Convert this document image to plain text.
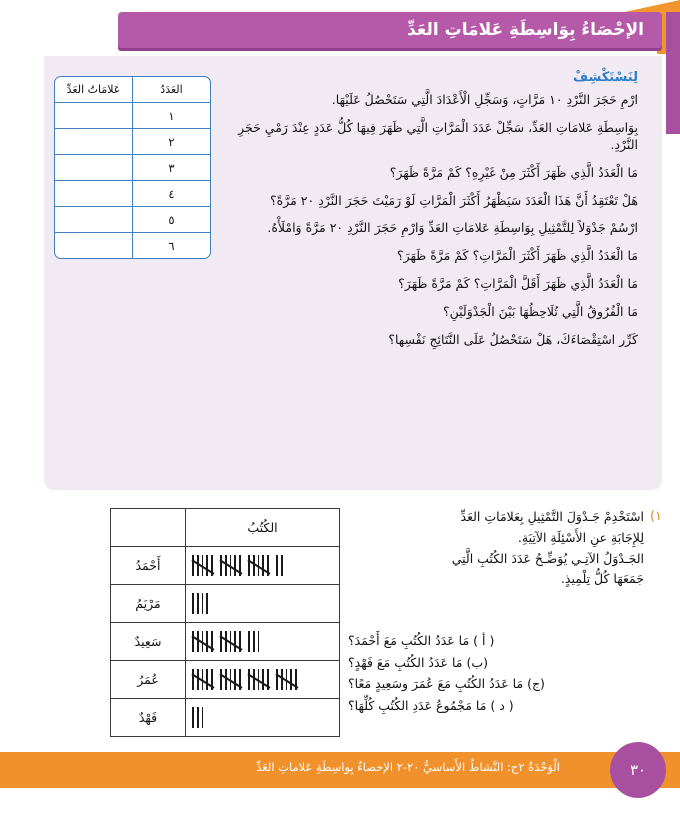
الإحْصَاءُ بِوَاسِطَةِ عَلامَاتِ العَدِّ
لِنَسْتَكْشِفْ
ارْمِ حَجَرَ النَّرْدِ ١٠ مَرَّاتٍ، وَسَجِّلِ الْأَعْدَادَ الَّتِي سَتَحْصُلُ عَلَيْهَا.
بِوَاسِطَةِ عَلامَاتِ العَدِّ، سَجِّلْ عَدَدَ الْمَرَّاتِ الَّتِي ظَهَرَ فِيهَا كُلُّ عَدَدٍ عِنْدَ رَمْيِ حَجَرِ النَّرْدِ.
مَا الْعَدَدُ الَّذِي ظَهَرَ أَكْثَرَ مِنْ غَيْرِهِ؟ كَمْ مَرَّةً ظَهَرَ؟
هَلْ تَعْتَقِدُ أَنَّ هَذَا الْعَدَدَ سَيَظْهَرُ أَكْثَرَ الْمَرَّاتِ لَوْ رَمَيْتَ حَجَرَ النَّرْدِ ٢٠ مَرَّةً؟
ارْسُمْ جَدْوَلاً لِلتَّمْثِيلِ بِوَاسِطَةِ عَلامَاتِ العَدِّ وَارْمِ حَجَرَ النَّرْدِ ٢٠ مَرَّةً وَامْلَأْهُ.
مَا الْعَدَدُ الَّذِي ظَهَرَ أَكْثَرَ الْمَرَّاتِ؟ كَمْ مَرَّةً ظَهَرَ؟
مَا الْعَدَدُ الَّذِي ظَهَرَ أَقَلَّ الْمَرَّاتِ؟ كَمْ مَرَّةً ظَهَرَ؟
مَا الْفُرُوقُ الَّتِي تُلَاحِظُهَا بَيْنَ الْجَدْوَلَيْنِ؟
كَرِّر اسْتِقْصَاءَكَ، هَلْ سَتَحْصُلُ عَلَى النَّتَائِجِ نَفْسِها؟
العَدَدُ	عَلامَاتُ العَدِّ
١	
٢	
٣	
٤	
٥	
٦	
١)
اسْتَخْدِمْ جَـدْوَلَ التَّمْثِيلِ بِعَلامَاتِ العَدِّ
لِلإِجَابَةِ عنِ الأَسْئِلَةِ الآتِيَةِ.
الجَـدْوَلُ الآتِـي يُوَضِّـحُ عَدَدَ الكُتُبِ الَّتِي
جَمَعَهَا كُلُّ تِلْمِيذٍ.
( أ ) مَا عَدَدُ الكُتُبِ مَعَ أَحْمَدَ؟
(ب) مَا عَدَدُ الكُتُبِ مَعَ فَهْدٍ؟
(ج) مَا عَدَدُ الكُتُبِ مَعَ عُمَرَ وسَعِيدٍ مَعًا؟
( د ) مَا مَجْمُوعُ عَدَدِ الكُتُبِ كُلِّهَا؟
الكُتُبُ	

	أَحْمَدُ

	مَرْيَمُ

	سَعِيدٌ

	عُمَرُ

	فَهْدٌ
الْوَحْدَةُ ٢ج: النَّشاطُ الأَساسيُّ ٢٠-٢ الإحصاءُ بِواسِطَةِ عَلاماتِ العَدِّ	٣٠
